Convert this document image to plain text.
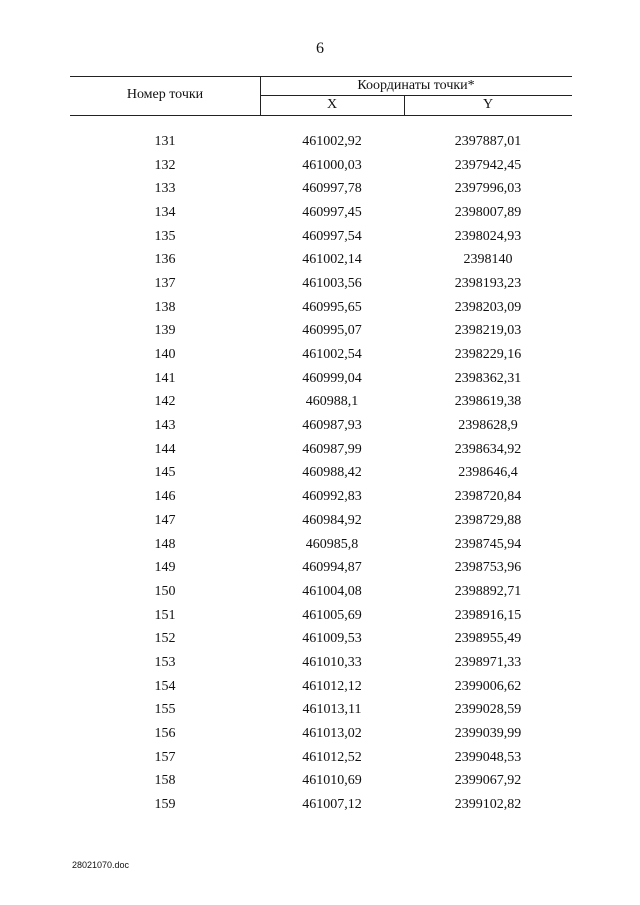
6
Номер точки
Координаты точки*
X	Y
131	461002,92	2397887,01
132	461000,03	2397942,45
133	460997,78	2397996,03
134	460997,45	2398007,89
135	460997,54	2398024,93
136	461002,14	2398140
137	461003,56	2398193,23
138	460995,65	2398203,09
139	460995,07	2398219,03
140	461002,54	2398229,16
141	460999,04	2398362,31
142	460988,1	2398619,38
143	460987,93	2398628,9
144	460987,99	2398634,92
145	460988,42	2398646,4
146	460992,83	2398720,84
147	460984,92	2398729,88
148	460985,8	2398745,94
149	460994,87	2398753,96
150	461004,08	2398892,71
151	461005,69	2398916,15
152	461009,53	2398955,49
153	461010,33	2398971,33
154	461012,12	2399006,62
155	461013,11	2399028,59
156	461013,02	2399039,99
157	461012,52	2399048,53
158	461010,69	2399067,92
159	461007,12	2399102,82
28021070.doc
